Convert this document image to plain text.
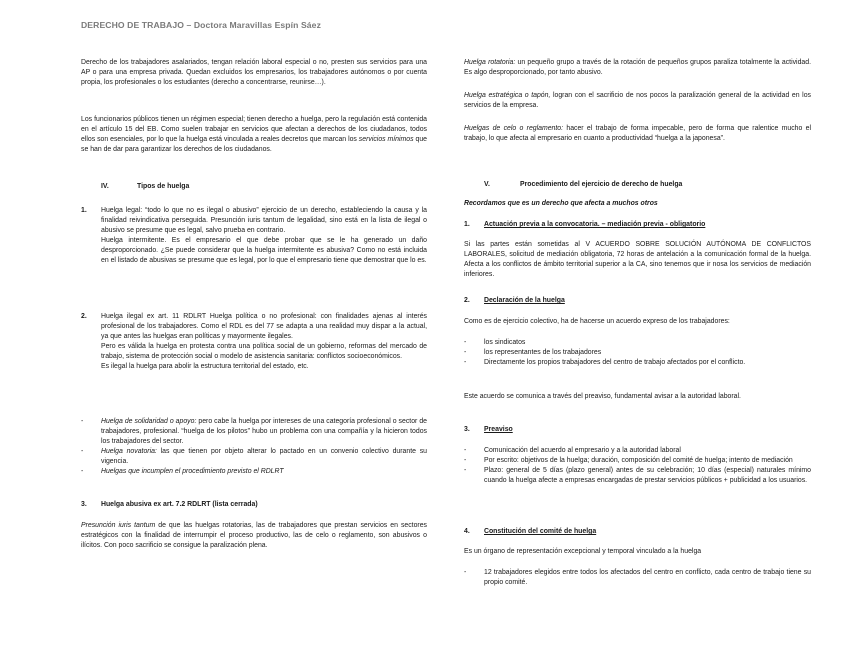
DERECHO DE TRABAJO – Doctora Maravillas Espín Sáez

Derecho de los trabajadores asalariados, tengan relación laboral especial o no, presten sus servicios para una AP o para una empresa privada. Quedan excluidos los empresarios, los trabajadores autónomos o por cuenta propia, los profesionales o los estudiantes (derecho a concentrarse, reunirse…).

Los funcionarios públicos tienen un régimen especial; tienen derecho a huelga, pero la regulación está contenida en el artículo 15 del EB. Como suelen trabajar en servicios que afectan a derechos de los ciudadanos, todos ellos son esenciales, por lo que la huelga está vinculada a reales decretos que marcan los servicios mínimos que se han de dar para garantizar los derechos de los ciudadanos.

IV.	Tipos de huelga
1.	Huelga legal: “todo lo que no es ilegal o abusivo” ejercicio de un derecho, estableciendo la causa y la finalidad reivindicativa perseguida. Presunción iuris tantum de legalidad, sino está en la lista de ilegal o abusivo se presume que es legal, salvo prueba en contrario.
Huelga intermitente. Es el empresario el que debe probar que se le ha generado un daño desproporcionado. ¿Se puede considerar que la huelga intermitente es abusiva? Como no está incluida en el listado de abusivas se presume que es legal, por lo que el empresario tiene que demostrar que lo es.
2.	Huelga ilegal ex art. 11 RDLRT Huelga política o no profesional: con finalidades ajenas al interés profesional de los trabajadores. Como el RDL es del 77 se adapta a una realidad muy dispar a la actual, ya que antes las huelgas eran políticas y mayormente ilegales.
Pero es válida la huelga en protesta contra una política social de un gobierno, reformas del mercado de trabajo, sistema de protección social o modelo de asistencia sanitaria: conflictos socioeconómicos.
Es ilegal la huelga para abolir la estructura territorial del estado, etc.
-	Huelga de solidaridad o apoyo: pero cabe la huelga por intereses de una categoría profesional o sector de trabajadores, profesional. “huelga de los pilotos” hubo un problema con una compañía y la hicieron todos los trabajadores del sector.
-	Huelga novatoria: las que tienen por objeto alterar lo pactado en un convenio colectivo durante su vigencia.
-	Huelgas que incumplen el procedimiento previsto el RDLRT
3.	Huelga abusiva ex art. 7.2 RDLRT (lista cerrada)

Presunción iuris tantum de que las huelgas rotatorias, las de trabajadores que prestan servicios en sectores estratégicos con la finalidad de interrumpir el proceso productivo, las de celo o reglamento, son abusivos o ilícitos. Con poco sacrificio se consigue la paralización plena.

Huelga rotatoria: un pequeño grupo a través de la rotación de pequeños grupos paraliza totalmente la actividad. Es algo desproporcionado, por tanto abusivo.

Huelga estratégica o tapón, logran con el sacrificio de nos pocos la paralización general de la actividad en los servicios de la empresa.

Huelgas de celo o reglamento: hacer el trabajo de forma impecable, pero de forma que ralentice mucho el trabajo, lo que afecta al empresario en cuanto a productividad “huelga a la japonesa”.

V.	Procedimiento del ejercicio de derecho de huelga
Recordamos que es un derecho que afecta a muchos otros
1.	Actuación previa a la convocatoria. – mediación previa - obligatorio

Si las partes están sometidas al V ACUERDO SOBRE SOLUCIÓN AUTÓNOMA DE CONFLICTOS LABORALES, solicitud de mediación obligatoria, 72 horas de antelación a la comunicación formal de la huelga. Afecta a los conflictos de ámbito territorial superior a la CA, sino tenemos que ir nosa los servicios de mediación inferiores.

2.	Declaración de la huelga

Como es de ejercicio colectivo, ha de hacerse un acuerdo expreso de los trabajadores:

-	los sindicatos
-	los representantes de los trabajadores
-	Directamente los propios trabajadores del centro de trabajo afectados por el conflicto.

Este acuerdo se comunica a través del preaviso, fundamental avisar a la autoridad laboral.

3.	Preaviso
-	Comunicación del acuerdo al empresario y a la autoridad laboral
-	Por escrito: objetivos de la huelga; duración, composición del comité de huelga; intento de mediación
-	Plazo: general de 5 días (plazo general) antes de su celebración; 10 días (especial) naturales mínimo cuando la huelga afecte a empresas encargadas de prestar servicios públicos + publicidad a los usuarios.
4.	Constitución del comité de huelga

Es un órgano de representación excepcional y temporal vinculado a la huelga

-	12 trabajadores elegidos entre todos los afectados del centro en conflicto, cada centro de trabajo tiene su propio comité.
